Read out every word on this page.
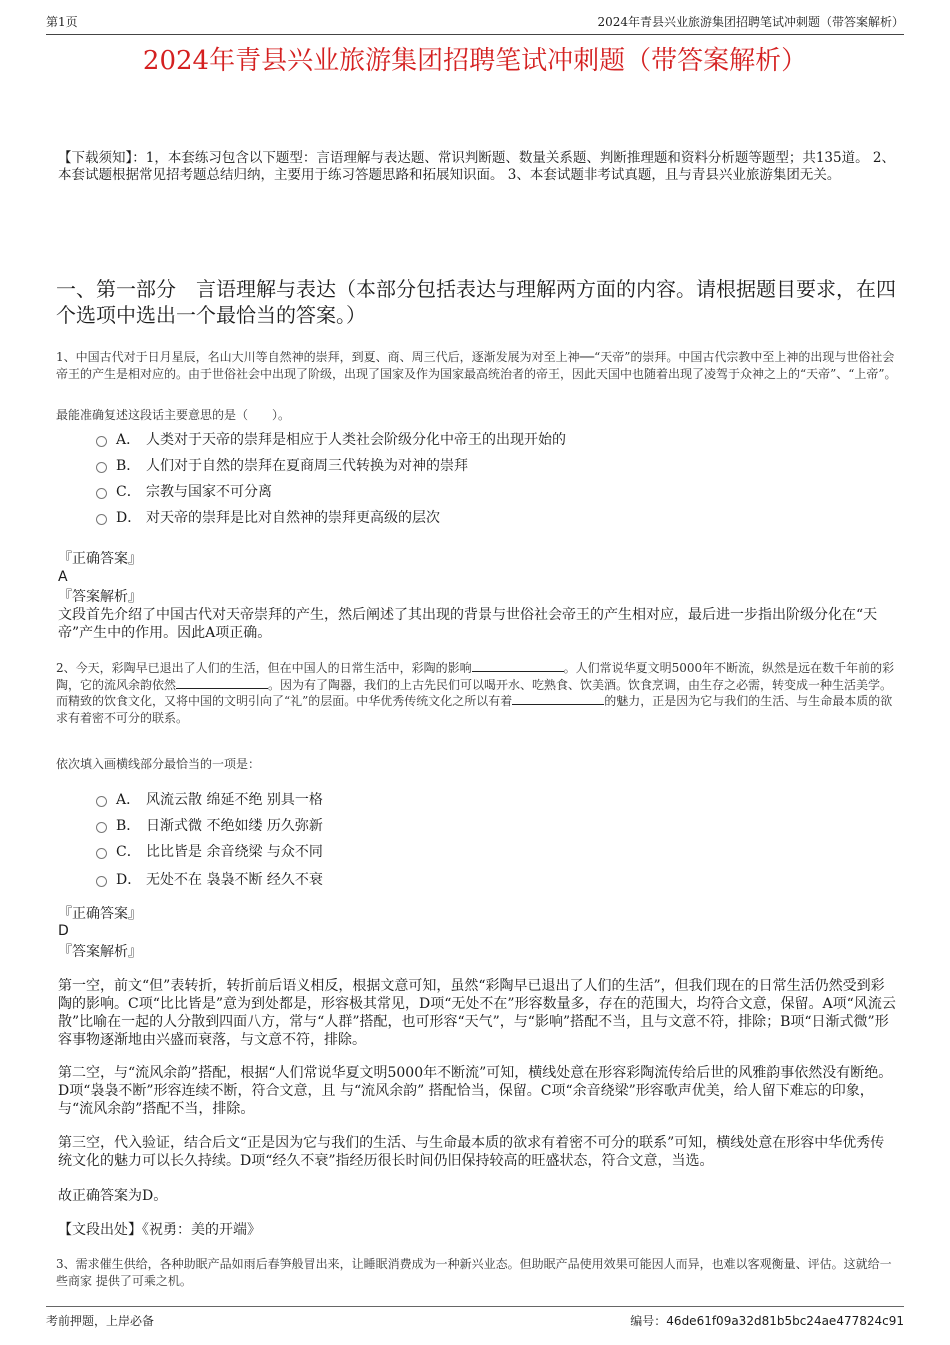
第1页	2024年青县兴业旅游集团招聘笔试冲刺题（带答案解析）
2024年青县兴业旅游集团招聘笔试冲刺题（带答案解析）
【下载须知】：1，本套练习包含以下题型：言语理解与表达题、常识判断题、数量关系题、判断推理题和资料分析题等题型；共135道。 2、本套试题根据常见招考题总结归纳，主要用于练习答题思路和拓展知识面。 3、本套试题非考试真题，且与青县兴业旅游集团无关。
一、第一部分　言语理解与表达（本部分包括表达与理解两方面的内容。请根据题目要求，在四个选项中选出一个最恰当的答案。）
1、中国古代对于日月星辰，名山大川等自然神的崇拜，到夏、商、周三代后，逐渐发展为对至上神──“天帝”的崇拜。中国古代宗教中至上神的出现与世俗社会帝王的产生是相对应的。由于世俗社会中出现了阶级，出现了国家及作为国家最高统治者的帝王，因此天国中也随着出现了凌驾于众神之上的“天帝”、“上帝”。
最能准确复述这段话主要意思的是（　　）。
A． 人类对于天帝的崇拜是相应于人类社会阶级分化中帝王的出现开始的
B． 人们对于自然的崇拜在夏商周三代转换为对神的崇拜
C． 宗教与国家不可分离
D． 对天帝的崇拜是比对自然神的崇拜更高级的层次
『正确答案』
A
『答案解析』
文段首先介绍了中国古代对天帝崇拜的产生，然后阐述了其出现的背景与世俗社会帝王的产生相对应，最后进一步指出阶级分化在“天帝”产生中的作用。因此A项正确。
2、今天，彩陶早已退出了人们的生活，但在中国人的日常生活中，彩陶的影响	。人们常说华夏文明5000年不断流，纵然是远在数千年前的彩陶，它的流风余韵依然	。因为有了陶器，我们的上古先民们可以喝开水、吃熟食、饮美酒。饮食烹调，由生存之必需，转变成一种生活美学。而精致的饮食文化，又将中国的文明引向了“礼”的层面。中华优秀传统文化之所以有着	的魅力，正是因为它与我们的生活、与生命最本质的欲求有着密不可分的联系。
依次填入画横线部分最恰当的一项是：
A． 风流云散 绵延不绝 别具一格
B． 日渐式微 不绝如缕 历久弥新
C． 比比皆是 余音绕梁 与众不同
D． 无处不在 袅袅不断 经久不衰
『正确答案』
D
『答案解析』
第一空，前文“但”表转折，转折前后语义相反，根据文意可知，虽然“彩陶早已退出了人们的生活”，但我们现在的日常生活仍然受到彩陶的影响。C项“比比皆是”意为到处都是，形容极其常见，D项“无处不在”形容数量多，存在的范围大，均符合文意，保留。A项“风流云散”比喻在一起的人分散到四面八方，常与“人群”搭配，也可形容“天气”，与“影响”搭配不当，且与文意不符，排除；B项“日渐式微”形容事物逐渐地由兴盛而衰落，与文意不符，排除。
第二空，与“流风余韵”搭配，根据“人们常说华夏文明5000年不断流”可知，横线处意在形容彩陶流传给后世的风雅韵事依然没有断绝。D项“袅袅不断”形容连续不断，符合文意，且 与“流风余韵” 搭配恰当，保留。C项“余音绕梁”形容歌声优美，给人留下难忘的印象，与“流风余韵”搭配不当，排除。
第三空，代入验证，结合后文“正是因为它与我们的生活、与生命最本质的欲求有着密不可分的联系”可知，横线处意在形容中华优秀传统文化的魅力可以长久持续。D项“经久不衰”指经历很长时间仍旧保持较高的旺盛状态，符合文意，当选。
故正确答案为D。
【文段出处】《祝勇：美的开端》
3、需求催生供给，各种助眠产品如雨后春笋般冒出来，让睡眠消费成为一种新兴业态。但助眠产品使用效果可能因人而异，也难以客观衡量、评估。这就给一些商家 提供了可乘之机。
考前押题，上岸必备	编号：46de61f09a32d81b5bc24ae477824c91
